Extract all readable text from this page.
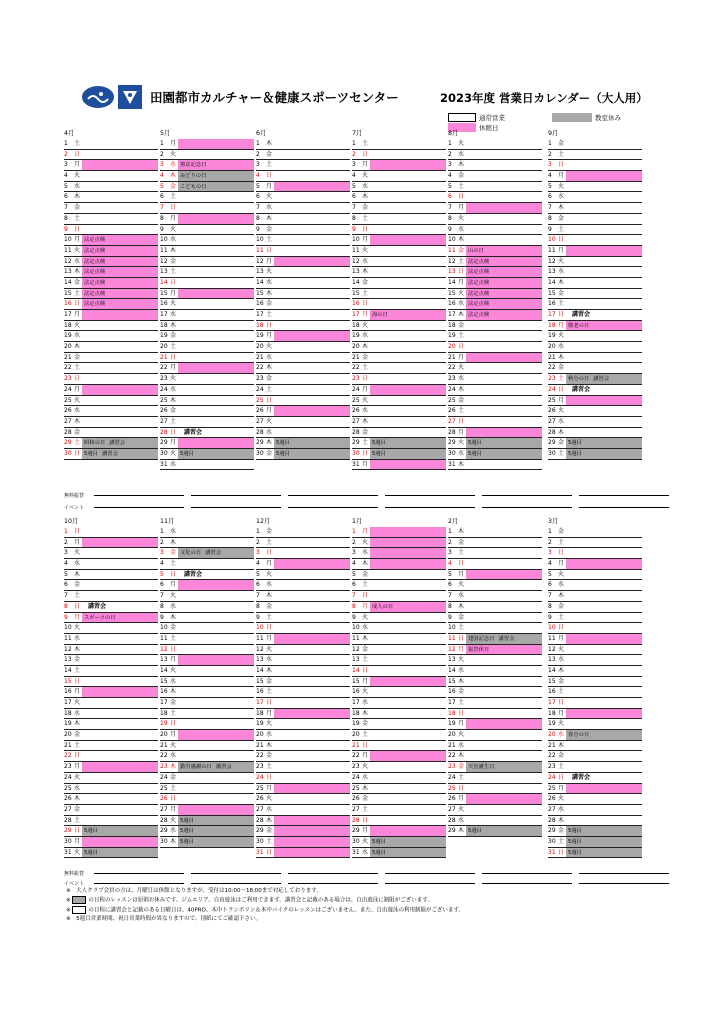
田園都市カルチャー＆健康スポーツセンター	2023年度 営業日カレンダー（大人用）
通常営業
休館日
教室休み
4月
1	土
2	日
3	月
4	火
5	水
6	木
7	金
8	土
9	日
10 月 法定点検
11 火 法定点検
12 水 法定点検
13 木 法定点検
14 金 法定点検
15 土 法定点検
16 日 法定点検
17 月
18 火
19 水
20 木
21 金
22 土
23 日
24 月
25 火
26 水
27 木
28 金
29 土 昭和の日 講習会
30 日 5週目 講習会
5月
1	月
2	火
3	水 憲法記念日
4	木 みどりの日
5	金 こどもの日
6	土
7	日
8	月
9	火
10 水
11 木
12 金
13 土
14 日
15 月
16 火
17 水
18 木
19 金
20 土
21 日
22 月
23 火
24 水
25 木
26 金
27 土
28 日	講習会
29 月
30 火 5週目
31 水
6月
1	木
2	金
3	土
4	日
5	月
6	火
7	水
8	木
9	金
10 土
11 日
12 月
13 火
14 水
15 木
16 金
17 土
18 日
19 月
20 火
21 水
22 木
23 金
24 土
25 日
26 月
27 火
28 水
29 木 5週目
30 金 5週目
7月
1	土
2	日
3	月
4	火
5	水
6	木
7	金
8	土
9	日
10 月
11 火
12 水
13 木
14 金
15 土
16 日
17 月 海の日
18 火
19 水
20 木
21 金
22 土
23 日
24 月
25 火
26 水
27 木
28 金
29 土 5週目
30 日 5週目
31 月
8月
1	火
2	水
3	木
4	金
5	土
6	日
7	月
8	火
9	水
10 木
11 金 山の日
12 土 法定点検
13 日 法定点検
14 月 法定点検
15 火 法定点検
16 水 法定点検
17 木 法定点検
18 金
19 土
20 日
21 月
22 火
23 水
24 木
25 金
26 土
27 日
28 月
29 火 5週目
30 水 5週目
31 木
9月
1	金
2	土
3	日
4	月
5	火
6	水
7	木
8	金
9	土
10 日
11 月
12 火
13 水
14 木
15 金
16 土
17 日	講習会
18 月 敬老の日
19 火
20 水
21 木
22 金
23 土 秋分の日 講習会
24 日	講習会
25 月
26 火
27 水
28 木
29 金 5週目
30 土 5週目
10月
1	日
2	月
3	火
4	水
5	木
6	金
7	土
8	日	講習会
9	月 スポーツの日
10 火
11 水
12 木
13 金
14 土
15 日
16 月
17 火
18 水
19 木
20 金
21 土
22 日
23 月
24 火
25 水
26 木
27 金
28 土
29 日 5週目
30 月
31 火 5週目
11月
1	水
2	木
3	金 文化の日 講習会
4	土
5	日	講習会
6	月
7	火
8	水
9	木
10 金
11 土
12 日
13 月
14 火
15 水
16 木
17 金
18 土
19 日
20 月
21 火
22 水
23 木 勤労感謝の日 講習会
24 金
25 土
26 日
27 月
28 火 5週目
29 水 5週目
30 木 5週目
12月
1	金
2	土
3	日
4	月
5	火
6	水
7	木
8	金
9	土
10 日
11 月
12 火
13 水
14 木
15 金
16 土
17 日
18 月
19 火
20 水
21 木
22 金
23 土
24 日
25 月
26 火
27 水
28 木
29 金
30 土
31 日
1月
1	月
2	火
3	水
4	木
5	金
6	土
7	日
8	月 成人の日
9	火
10 水
11 木
12 金
13 土
14 日
15 月
16 火
17 水
18 木
19 金
20 土
21 日
22 月
23 火
24 水
25 木
26 金
27 土
28 日
29 月
30 火 5週目
31 水 5週目
2月
1	木
2	金
3	土
4	日
5	月
6	火
7	水
8	木
9	金
10 土
11 日 建国記念日 講習会
12 月 振替休日
13 火
14 水
15 木
16 金
17 土
18 日
19 月
20 火
21 水
22 木
23 金 天皇誕生日
24 土
25 日
26 月
27 火
28 水
29 木 5週目
3月
1	金
2	土
3	日
4	月
5	火
6	水
7	木
8	金
9	土
10 日
11 月
12 火
13 水
14 木
15 金
16 土
17 日
18 月
19 火
20 水 春分の日
21 木
22 金
23 土
24 日	講習会
25 月
26 火
27 水
28 木
29 金 5週目
30 土 5週目
31 日 5週目
無料振替
イベント
無料振替
イベント
※　大人クラブ会員の方は、月曜日は休館となりますが、受付は10:00～18:00まで対応しております。
※	の日程のレッスンは原則お休みです。ジムエリア、自由遊泳はご利用できます。講習会と記載のある場合は、自由遊泳に制限がございます。
※	の日程に講習会と記載のある日曜日は、40PRO、木中トランポリン＆木中バイクのレッスンはございません。また、自由遊泳の利用制限がございます。
※　5週目営業時間、祝日営業時間が異なりますので、別紙にてご確認下さい。
